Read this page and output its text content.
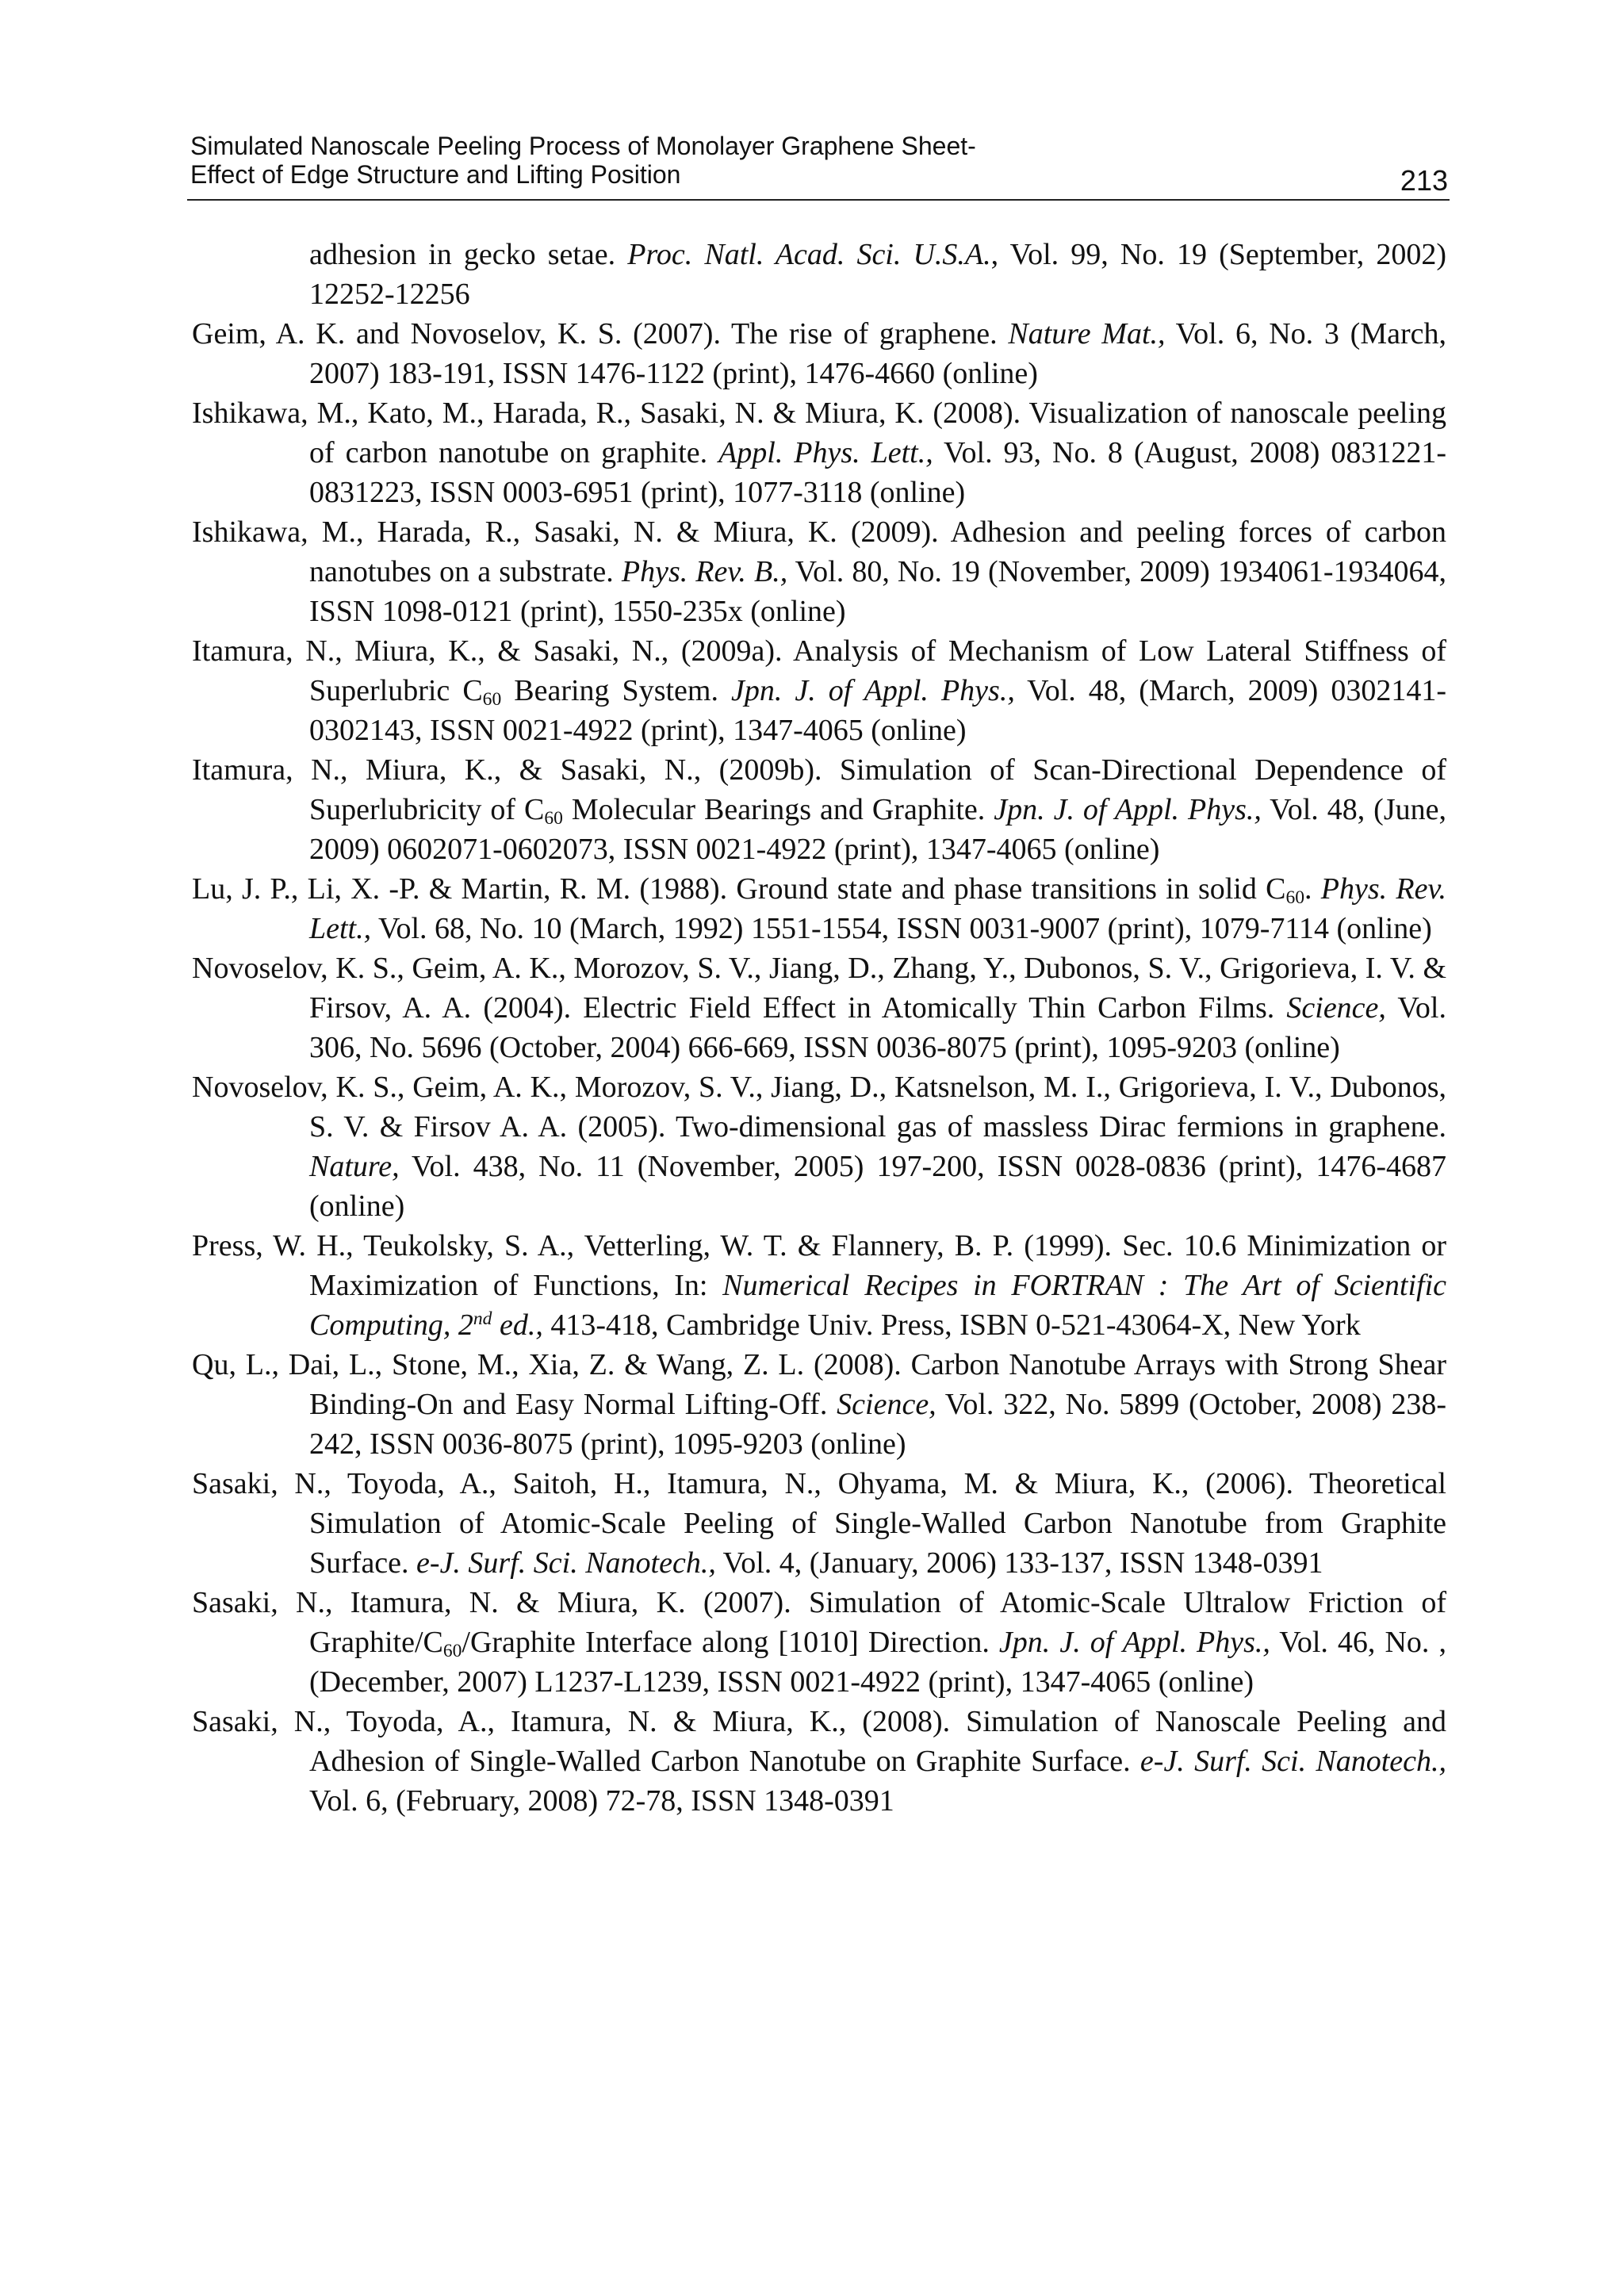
Simulated Nanoscale Peeling Process of Monolayer Graphene Sheet-
Effect of Edge Structure and Lifting Position	213
adhesion in gecko setae. Proc. Natl. Acad. Sci. U.S.A., Vol. 99, No. 19 (September, 2002) 12252-12256
Geim, A. K. and Novoselov, K. S. (2007). The rise of graphene. Nature Mat., Vol. 6, No. 3 (March, 2007) 183-191, ISSN 1476-1122 (print), 1476-4660 (online)
Ishikawa, M., Kato, M., Harada, R., Sasaki, N. & Miura, K. (2008). Visualization of nanoscale peeling of carbon nanotube on graphite. Appl. Phys. Lett., Vol. 93, No. 8 (August, 2008) 0831221-0831223, ISSN 0003-6951 (print), 1077-3118 (online)
Ishikawa, M., Harada, R., Sasaki, N. & Miura, K. (2009). Adhesion and peeling forces of carbon nanotubes on a substrate. Phys. Rev. B., Vol. 80, No. 19 (November, 2009) 1934061-1934064, ISSN 1098-0121 (print), 1550-235x (online)
Itamura, N., Miura, K., & Sasaki, N., (2009a). Analysis of Mechanism of Low Lateral Stiffness of Superlubric $C_{60}$ Bearing System. Jpn. J. of Appl. Phys., Vol. 48, (March, 2009) 0302141-0302143, ISSN 0021-4922 (print), 1347-4065 (online)
Itamura, N., Miura, K., & Sasaki, N., (2009b). Simulation of Scan-Directional Dependence of Superlubricity of $C_{60}$ Molecular Bearings and Graphite. Jpn. J. of Appl. Phys., Vol. 48, (June, 2009) 0602071-0602073, ISSN 0021-4922 (print), 1347-4065 (online)
Lu, J. P., Li, X. -P. & Martin, R. M. (1988). Ground state and phase transitions in solid $C_{60}$. Phys. Rev. Lett., Vol. 68, No. 10 (March, 1992) 1551-1554, ISSN 0031-9007 (print), 1079-7114 (online)
Novoselov, K. S., Geim, A. K., Morozov, S. V., Jiang, D., Zhang, Y., Dubonos, S. V., Grigorieva, I. V. & Firsov, A. A. (2004). Electric Field Effect in Atomically Thin Carbon Films. Science, Vol. 306, No. 5696 (October, 2004) 666-669, ISSN 0036-8075 (print), 1095-9203 (online)
Novoselov, K. S., Geim, A. K., Morozov, S. V., Jiang, D., Katsnelson, M. I., Grigorieva, I. V., Dubonos, S. V. & Firsov A. A. (2005). Two-dimensional gas of massless Dirac fermions in graphene. Nature, Vol. 438, No. 11 (November, 2005) 197-200, ISSN 0028-0836 (print), 1476-4687 (online)
Press, W. H., Teukolsky, S. A., Vetterling, W. T. & Flannery, B. P. (1999). Sec. 10.6 Minimization or Maximization of Functions, In: Numerical Recipes in FORTRAN : The Art of Scientific Computing, 2nd ed., 413-418, Cambridge Univ. Press, ISBN 0-521-43064-X, New York
Qu, L., Dai, L., Stone, M., Xia, Z. & Wang, Z. L. (2008). Carbon Nanotube Arrays with Strong Shear Binding-On and Easy Normal Lifting-Off. Science, Vol. 322, No. 5899 (October, 2008) 238-242, ISSN 0036-8075 (print), 1095-9203 (online)
Sasaki, N., Toyoda, A., Saitoh, H., Itamura, N., Ohyama, M. & Miura, K., (2006). Theoretical Simulation of Atomic-Scale Peeling of Single-Walled Carbon Nanotube from Graphite Surface. e-J. Surf. Sci. Nanotech., Vol. 4, (January, 2006) 133-137, ISSN 1348-0391
Sasaki, N., Itamura, N. & Miura, K. (2007). Simulation of Atomic-Scale Ultralow Friction of Graphite/$C_{60}$/Graphite Interface along [1010] Direction. Jpn. J. of Appl. Phys., Vol. 46, No. , (December, 2007) L1237-L1239, ISSN 0021-4922 (print), 1347-4065 (online)
Sasaki, N., Toyoda, A., Itamura, N. & Miura, K., (2008). Simulation of Nanoscale Peeling and Adhesion of Single-Walled Carbon Nanotube on Graphite Surface. e-J. Surf. Sci. Nanotech., Vol. 6, (February, 2008) 72-78, ISSN 1348-0391
